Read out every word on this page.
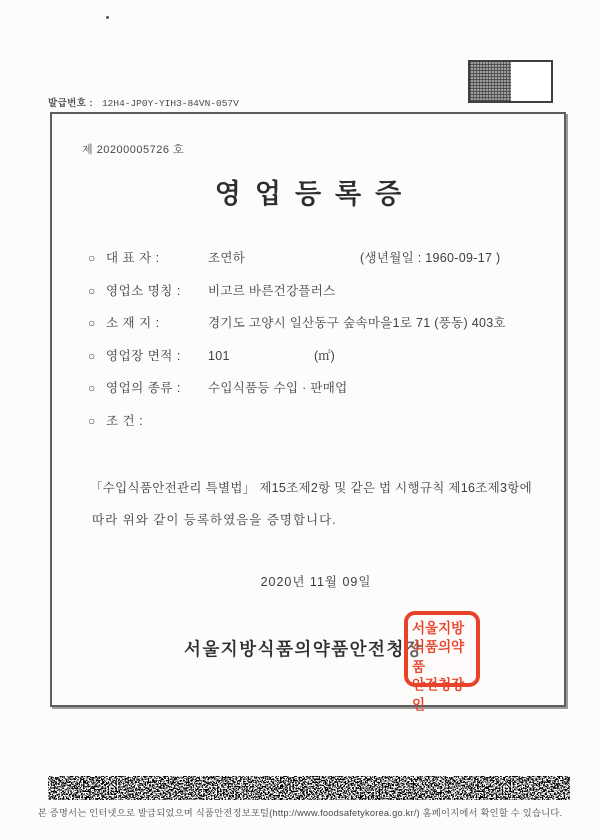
발급번호 : 12H4-JP0Y-YIH3-84VN-057V
제 20200005726 호
영업등록증
○ 대 표 자 :	조연하	(생년월일 : 1960-09-17 )
○ 영업소 명칭 : 비고르 바른건강플러스
○ 소 재 지 :	경기도 고양시 일산동구 숲속마을1로 71 (풍동) 403호
○ 영업장 면적 : 101	(㎡)
○ 영업의 종류 : 수입식품등 수입 · 판매업
○ 조 건 :
「수입식품안전관리 특별법」 제15조제2항 및 같은 법 시행규칙 제16조제3항에
따라 위와 같이 등록하였음을 증명합니다.
2020년 11월 09일
서울지방식품의약품안전청장
서울지방
식품의약품
안전청장인
본 증명서는 인터넷으로 발급되었으며 식품안전정보포털(http://www.foodsafetykorea.go.kr/) 홈페이지에서 확인할 수 있습니다.
